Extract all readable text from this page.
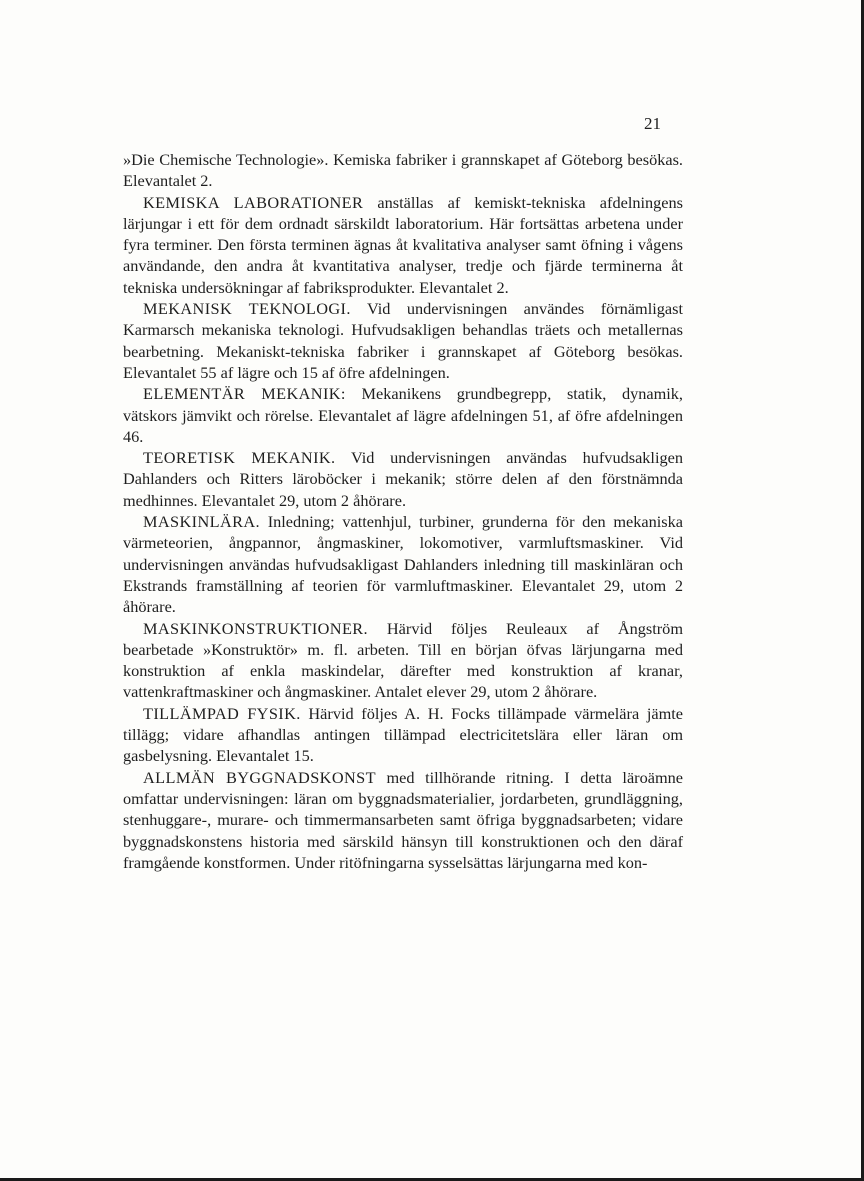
21

»Die Chemische Technologie». Kemiska fabriker i grannskapet af Göteborg besökas. Elevantalet 2.

KEMISKA LABORATIONER anställas af kemiskt-tekniska afdelningens lärjungar i ett för dem ordnadt särskildt laboratorium. Här fortsättas arbetena under fyra terminer. Den första terminen ägnas åt kvalitativa analyser samt öfning i vågens användande, den andra åt kvantitativa analyser, tredje och fjärde terminerna åt tekniska undersökningar af fabriksprodukter. Elevantalet 2.

MEKANISK TEKNOLOGI. Vid undervisningen användes förnämligast Karmarsch mekaniska teknologi. Hufvudsakligen behandlas träets och metallernas bearbetning. Mekaniskt-tekniska fabriker i grannskapet af Göteborg besökas. Elevantalet 55 af lägre och 15 af öfre afdelningen.

ELEMENTÄR MEKANIK: Mekanikens grundbegrepp, statik, dynamik, vätskors jämvikt och rörelse. Elevantalet af lägre afdelningen 51, af öfre afdelningen 46.

TEORETISK MEKANIK. Vid undervisningen användas hufvudsakligen Dahlanders och Ritters läroböcker i mekanik; större delen af den förstnämnda medhinnes. Elevantalet 29, utom 2 åhörare.

MASKINLÄRA. Inledning; vattenhjul, turbiner, grunderna för den mekaniska värmeteorien, ångpannor, ångmaskiner, lokomotiver, varmluftsmaskiner. Vid undervisningen användas hufvudsakligast Dahlanders inledning till maskinläran och Ekstrands framställning af teorien för varmluftmaskiner. Elevantalet 29, utom 2 åhörare.

MASKINKONSTRUKTIONER. Härvid följes Reuleaux af Ångström bearbetade »Konstruktör» m. fl. arbeten. Till en början öfvas lärjungarna med konstruktion af enkla maskindelar, därefter med konstruktion af kranar, vattenkraftmaskiner och ångmaskiner. Antalet elever 29, utom 2 åhörare.

TILLÄMPAD FYSIK. Härvid följes A. H. Focks tillämpade värmelära jämte tillägg; vidare afhandlas antingen tillämpad electricitetslära eller läran om gasbelysning. Elevantalet 15.

ALLMÄN BYGGNADSKONST med tillhörande ritning. I detta läroämne omfattar undervisningen: läran om byggnadsmaterialier, jordarbeten, grundläggning, stenhuggare-, murare- och timmermansarbeten samt öfriga byggnadsarbeten; vidare byggnadskonstens historia med särskild hänsyn till konstruktionen och den däraf framgående konstformen. Under ritöfningarna sysselsättas lärjungarna med kon-
